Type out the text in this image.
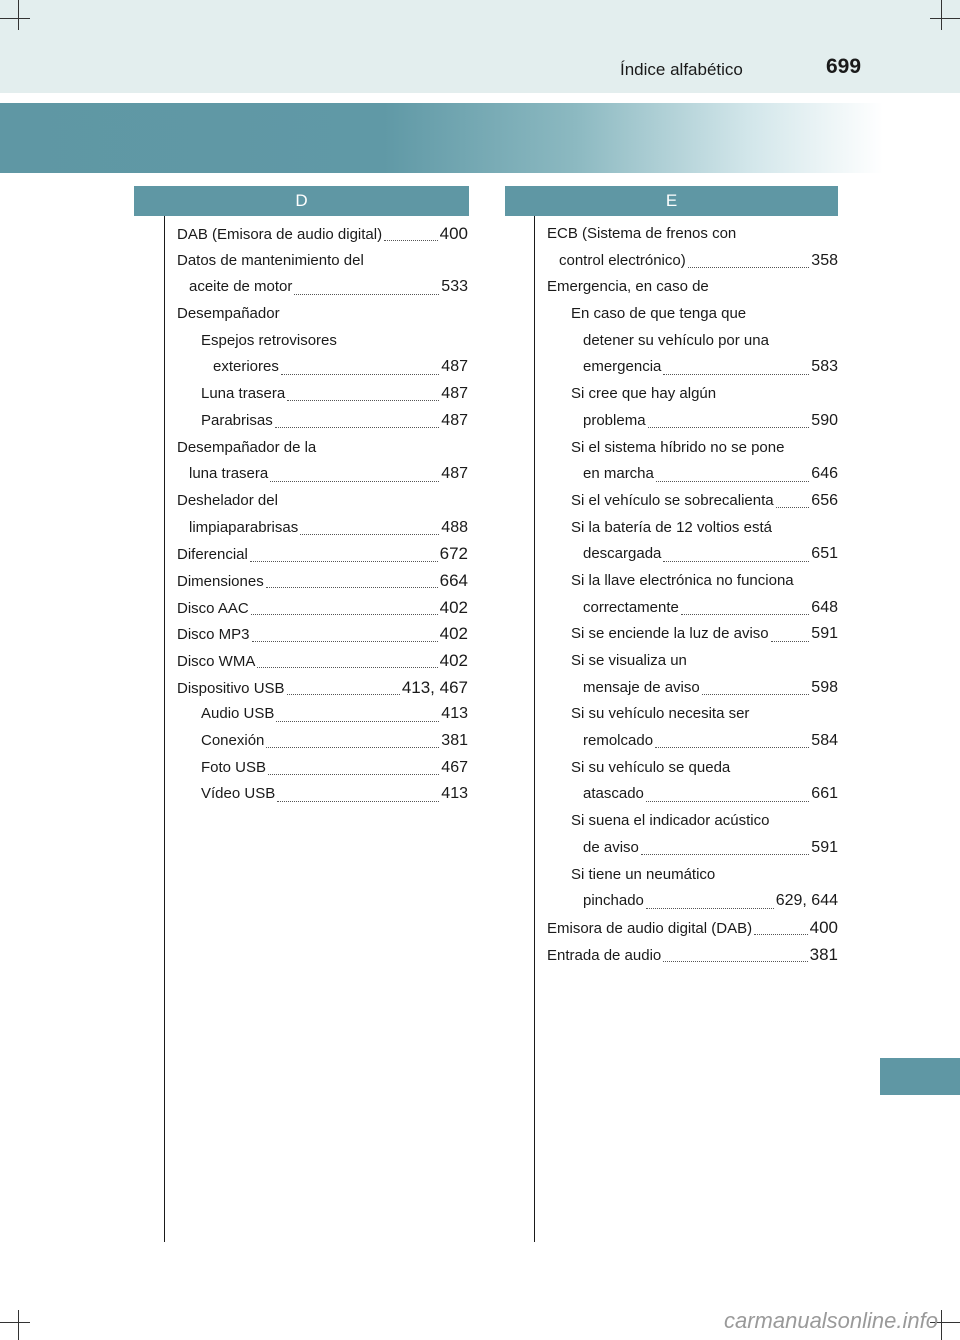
Índice alfabético	699
D	E
DAB (Emisora de audio digital)	400
Datos de mantenimiento del
aceite de motor	533
Desempañador
Espejos retrovisores
exteriores	487
Luna trasera	487
Parabrisas	487
Desempañador de la
luna trasera	487
Deshelador del
limpiaparabrisas	488
Diferencial	672
Dimensiones	664
Disco AAC	402
Disco MP3	402
Disco WMA	402
Dispositivo USB	413, 467
Audio USB	413
Conexión	381
Foto USB	467
Vídeo USB	413
ECB (Sistema de frenos con
control electrónico)	358
Emergencia, en caso de
En caso de que tenga que
detener su vehículo por una
emergencia	583
Si cree que hay algún
problema	590
Si el sistema híbrido no se pone
en marcha	646
Si el vehículo se sobrecalienta 656
Si la batería de 12 voltios está
descargada	651
Si la llave electrónica no funciona
correctamente	648
Si se enciende la luz de aviso	591
Si se visualiza un
mensaje de aviso	598
Si su vehículo necesita ser
remolcado	584
Si su vehículo se queda
atascado	661
Si suena el indicador acústico
de aviso	591
Si tiene un neumático
pinchado	629, 644
Emisora de audio digital (DAB)	400
Entrada de audio	381
carmanualsonline.info
